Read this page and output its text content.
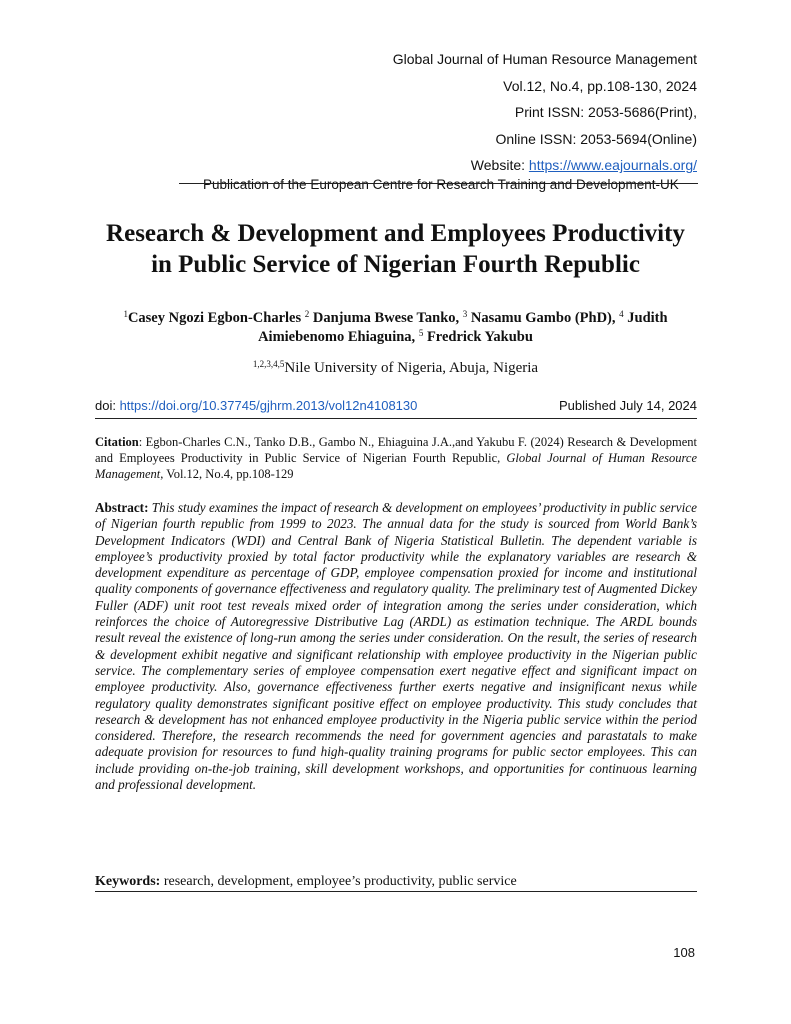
Global Journal of Human Resource Management
Vol.12, No.4, pp.108-130, 2024
Print ISSN: 2053-5686(Print),
Online ISSN: 2053-5694(Online)
Website: https://www.eajournals.org/
Publication of the European Centre for Research Training and Development-UK
Research & Development and Employees Productivity
in Public Service of Nigerian Fourth Republic
$^1$Casey Ngozi Egbon-Charles $^2$ Danjuma Bwese Tanko, $^3$ Nasamu Gambo (PhD), $^4$ Judith
Aimiebenomo Ehiaguina, $^5$ Fredrick Yakubu
$^{1,2,3,4,5}$Nile University of Nigeria, Abuja, Nigeria
doi: https://doi.org/10.37745/gjhrm.2013/vol12n4108130	Published July 14, 2024
Citation: Egbon-Charles C.N., Tanko D.B., Gambo N., Ehiaguina J.A.,and Yakubu F. (2024) Research & Development and Employees Productivity in Public Service of Nigerian Fourth Republic, Global Journal of Human Resource Management, Vol.12, No.4, pp.108-129
Abstract: This study examines the impact of research & development on employees’ productivity in public service of Nigerian fourth republic from 1999 to 2023. The annual data for the study is sourced from World Bank’s Development Indicators (WDI) and Central Bank of Nigeria Statistical Bulletin. The dependent variable is employee’s productivity proxied by total factor productivity while the explanatory variables are research & development expenditure as percentage of GDP, employee compensation proxied for income and institutional quality components of governance effectiveness and regulatory quality. The preliminary test of Augmented Dickey Fuller (ADF) unit root test reveals mixed order of integration among the series under consideration, which reinforces the choice of Autoregressive Distributive Lag (ARDL) as estimation technique. The ARDL bounds result reveal the existence of long-run among the series under consideration. On the result, the series of research & development exhibit negative and significant relationship with employee productivity in the Nigerian public service. The complementary series of employee compensation exert negative effect and significant impact on employee productivity. Also, governance effectiveness further exerts negative and insignificant nexus while regulatory quality demonstrates significant positive effect on employee productivity. This study concludes that research & development has not enhanced employee productivity in the Nigeria public service within the period considered. Therefore, the research recommends the need for government agencies and parastatals to make adequate provision for resources to fund high-quality training programs for public sector employees. This can include providing on-the-job training, skill development workshops, and opportunities for continuous learning and professional development.
Keywords: research, development, employee’s productivity, public service
108
